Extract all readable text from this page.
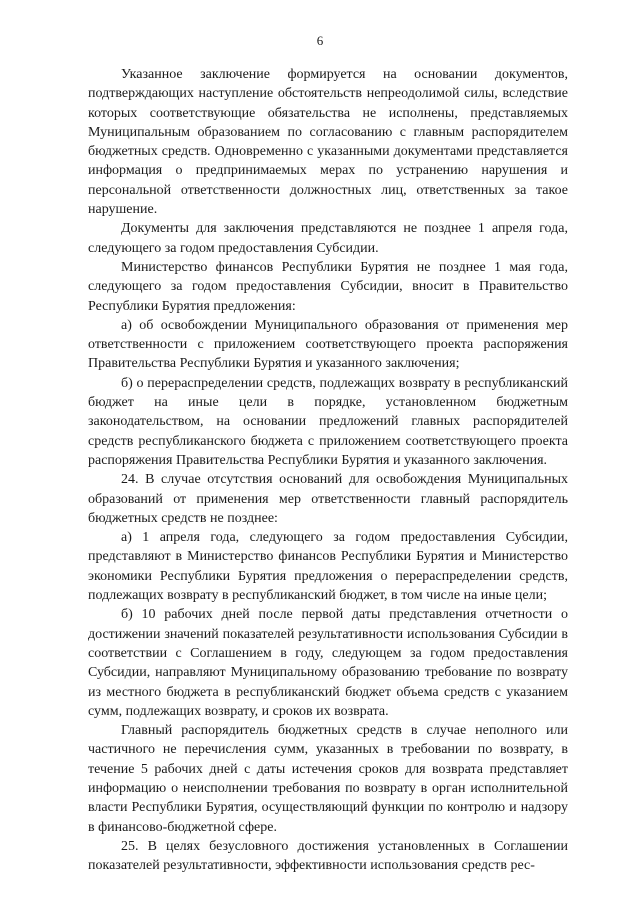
6

Указанное заключение формируется на основании документов, подтверждающих наступление обстоятельств непреодолимой силы, вследствие которых соответствующие обязательства не исполнены, представляемых Муниципальным образованием по согласованию с главным распорядителем бюджетных средств. Одновременно с указанными документами представляется информация о предпринимаемых мерах по устранению нарушения и персональной ответственности должностных лиц, ответственных за такое нарушение.

Документы для заключения представляются не позднее 1 апреля года, следующего за годом предоставления Субсидии.

Министерство финансов Республики Бурятия не позднее 1 мая года, следующего за годом предоставления Субсидии, вносит в Правительство Республики Бурятия предложения:

а) об освобождении Муниципального образования от применения мер ответственности с приложением соответствующего проекта распоряжения Правительства Республики Бурятия и указанного заключения;

б) о перераспределении средств, подлежащих возврату в республиканский бюджет на иные цели в порядке, установленном бюджетным законодательством, на основании предложений главных распорядителей средств республиканского бюджета с приложением соответствующего проекта распоряжения Правительства Республики Бурятия и указанного заключения.

24. В случае отсутствия оснований для освобождения Муниципальных образований от применения мер ответственности главный распорядитель бюджетных средств не позднее:

а) 1 апреля года, следующего за годом предоставления Субсидии, представляют в Министерство финансов Республики Бурятия и Министерство экономики Республики Бурятия предложения о перераспределении средств, подлежащих возврату в республиканский бюджет, в том числе на иные цели;

б) 10 рабочих дней после первой даты представления отчетности о достижении значений показателей результативности использования Субсидии в соответствии с Соглашением в году, следующем за годом предоставления Субсидии, направляют Муниципальному образованию требование по возврату из местного бюджета в республиканский бюджет объема средств с указанием сумм, подлежащих возврату, и сроков их возврата.

Главный распорядитель бюджетных средств в случае неполного или частичного не перечисления сумм, указанных в требовании по возврату, в течение 5 рабочих дней с даты истечения сроков для возврата представляет информацию о неисполнении требования по возврату в орган исполнительной власти Республики Бурятия, осуществляющий функции по контролю и надзору в финансово-бюджетной сфере.

25. В целях безусловного достижения установленных в Соглашении показателей результативности, эффективности использования средств рес-
